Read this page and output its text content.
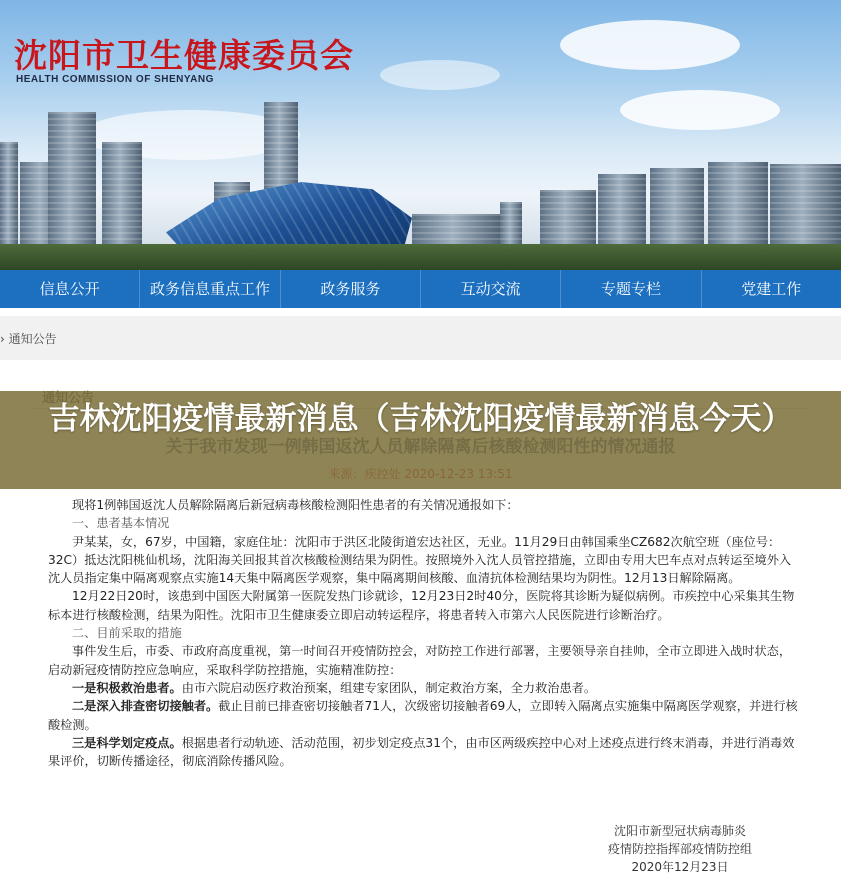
沈阳市卫生健康委员会
HEALTH COMMISSION OF SHENYANG
信息公开	政务信息重点工作	政务服务	互动交流	专题专栏	党建工作
› 通知公告
吉林沈阳疫情最新消息（吉林沈阳疫情最新消息今天）

现将1例韩国返沈人员解除隔离后新冠病毒核酸检测阳性患者的有关情况通报如下：

一、患者基本情况

尹某某，女，67岁，中国籍，家庭住址：沈阳市于洪区北陵街道宏达社区，无业。11月29日由韩国乘坐CZ682次航空班（座位号：32C）抵达沈阳桃仙机场，沈阳海关回报其首次核酸检测结果为阴性。按照境外入沈人员管控措施，立即由专用大巴车点对点转运至境外入沈人员指定集中隔离观察点实施14天集中隔离医学观察，集中隔离期间核酸、血清抗体检测结果均为阴性。12月13日解除隔离。

12月22日20时，该患到中国医大附属第一医院发热门诊就诊，12月23日2时40分，医院将其诊断为疑似病例。市疾控中心采集其生物标本进行核酸检测，结果为阳性。沈阳市卫生健康委立即启动转运程序，将患者转入市第六人民医院进行诊断治疗。

二、目前采取的措施

事件发生后，市委、市政府高度重视，第一时间召开疫情防控会，对防控工作进行部署，主要领导亲自挂帅，全市立即进入战时状态，启动新冠疫情防控应急响应，采取科学防控措施，实施精准防控：

一是积极救治患者。由市六院启动医疗救治预案，组建专家团队，制定救治方案，全力救治患者。

二是深入排查密切接触者。截止目前已排查密切接触者71人，次级密切接触者69人，立即转入隔离点实施集中隔离医学观察，并进行核酸检测。

三是科学划定疫点。根据患者行动轨迹、活动范围，初步划定疫点31个，由市区两级疾控中心对上述疫点进行终末消毒，并进行消毒效果评价，切断传播途径，彻底消除传播风险。

沈阳市新型冠状病毒肺炎
疫情防控指挥部疫情防控组
2020年12月23日
